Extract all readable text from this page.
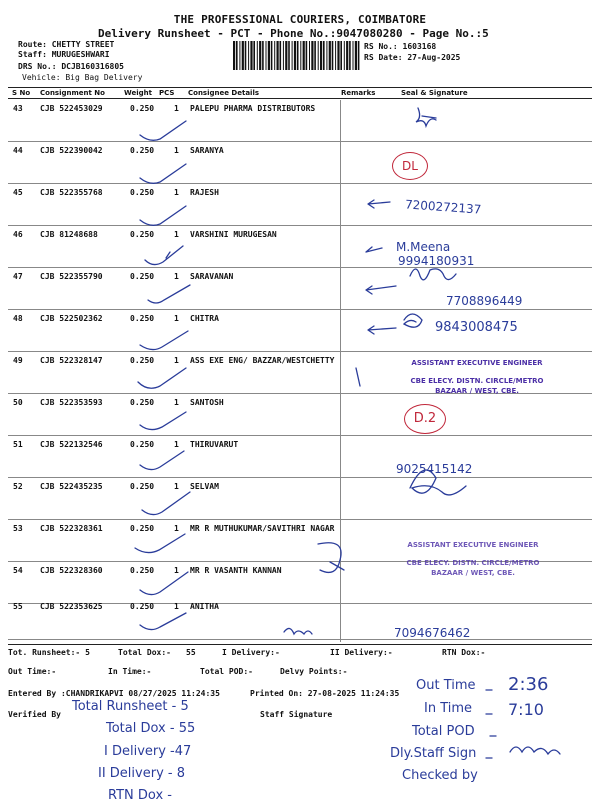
THE PROFESSIONAL COURIERS, COIMBATORE
Delivery Runsheet - PCT - Phone No.:9047080280 - Page No.:5
Route: CHETTY STREET
Staff: MURUGESHWARI
DRS No.: DCJB160316805
Vehicle: Big Bag Delivery
RS No.: 1603168
RS Date: 27-Aug-2025
S No Consignment No	Weight PCS Consignee Details	Remarks	Seal & Signature
43 CJB 522453029	0.250 1 PALEPU PHARMA DISTRIBUTORS
44 CJB 522390042	0.250 1 SARANYA
45 CJB 522355768	0.250 1 RAJESH
46 CJB 81248688	0.250 1 VARSHINI MURUGESAN
47 CJB 522355790	0.250 1 SARAVANAN
48 CJB 522502362	0.250 1 CHITRA
49 CJB 522328147	0.250 1 ASS EXE ENG/ BAZZAR/WESTCHETTY
50 CJB 522353593	0.250 1 SANTOSH
51 CJB 522132546	0.250 1 THIRUVARUT
52 CJB 522435235	0.250 1 SELVAM
53 CJB 522328361	0.250 1 MR R MUTHUKUMAR/SAVITHRI NAGAR
54 CJB 522328360	0.250 1 MR R VASANTH KANNAN
55 CJB 522353625	0.250 1 ANITHA
7200272137
M.Meena
9994180931
7708896449
9843008475
9025415142
7094676462
DL
D.2
ASSISTANT EXECUTIVE ENGINEER
CBE ELECY. DISTN. CIRCLE/METRO
BAZAAR / WEST, CBE.
ASSISTANT EXECUTIVE ENGINEER
CBE ELECY. DISTN. CIRCLE/METRO
BAZAAR / WEST, CBE.
Tot. Runsheet:- 5	Total Dox:- 55	I Delivery:-	II Delivery:-	RTN Dox:-
Out Time:-	In Time:-	Total POD:-	Delvy Points:-
Entered By :CHANDRIKAPVI 08/27/2025 11:24:35	Printed On: 27-08-2025 11:24:35
Verified By	Staff Signature
Total Runsheet - 5
Total Dox - 55
I Delivery -47
II Delivery - 8
RTN Dox -
Out Time 2:36
In Time 7:10
Total POD
Dly.Staff Sign
Checked by
